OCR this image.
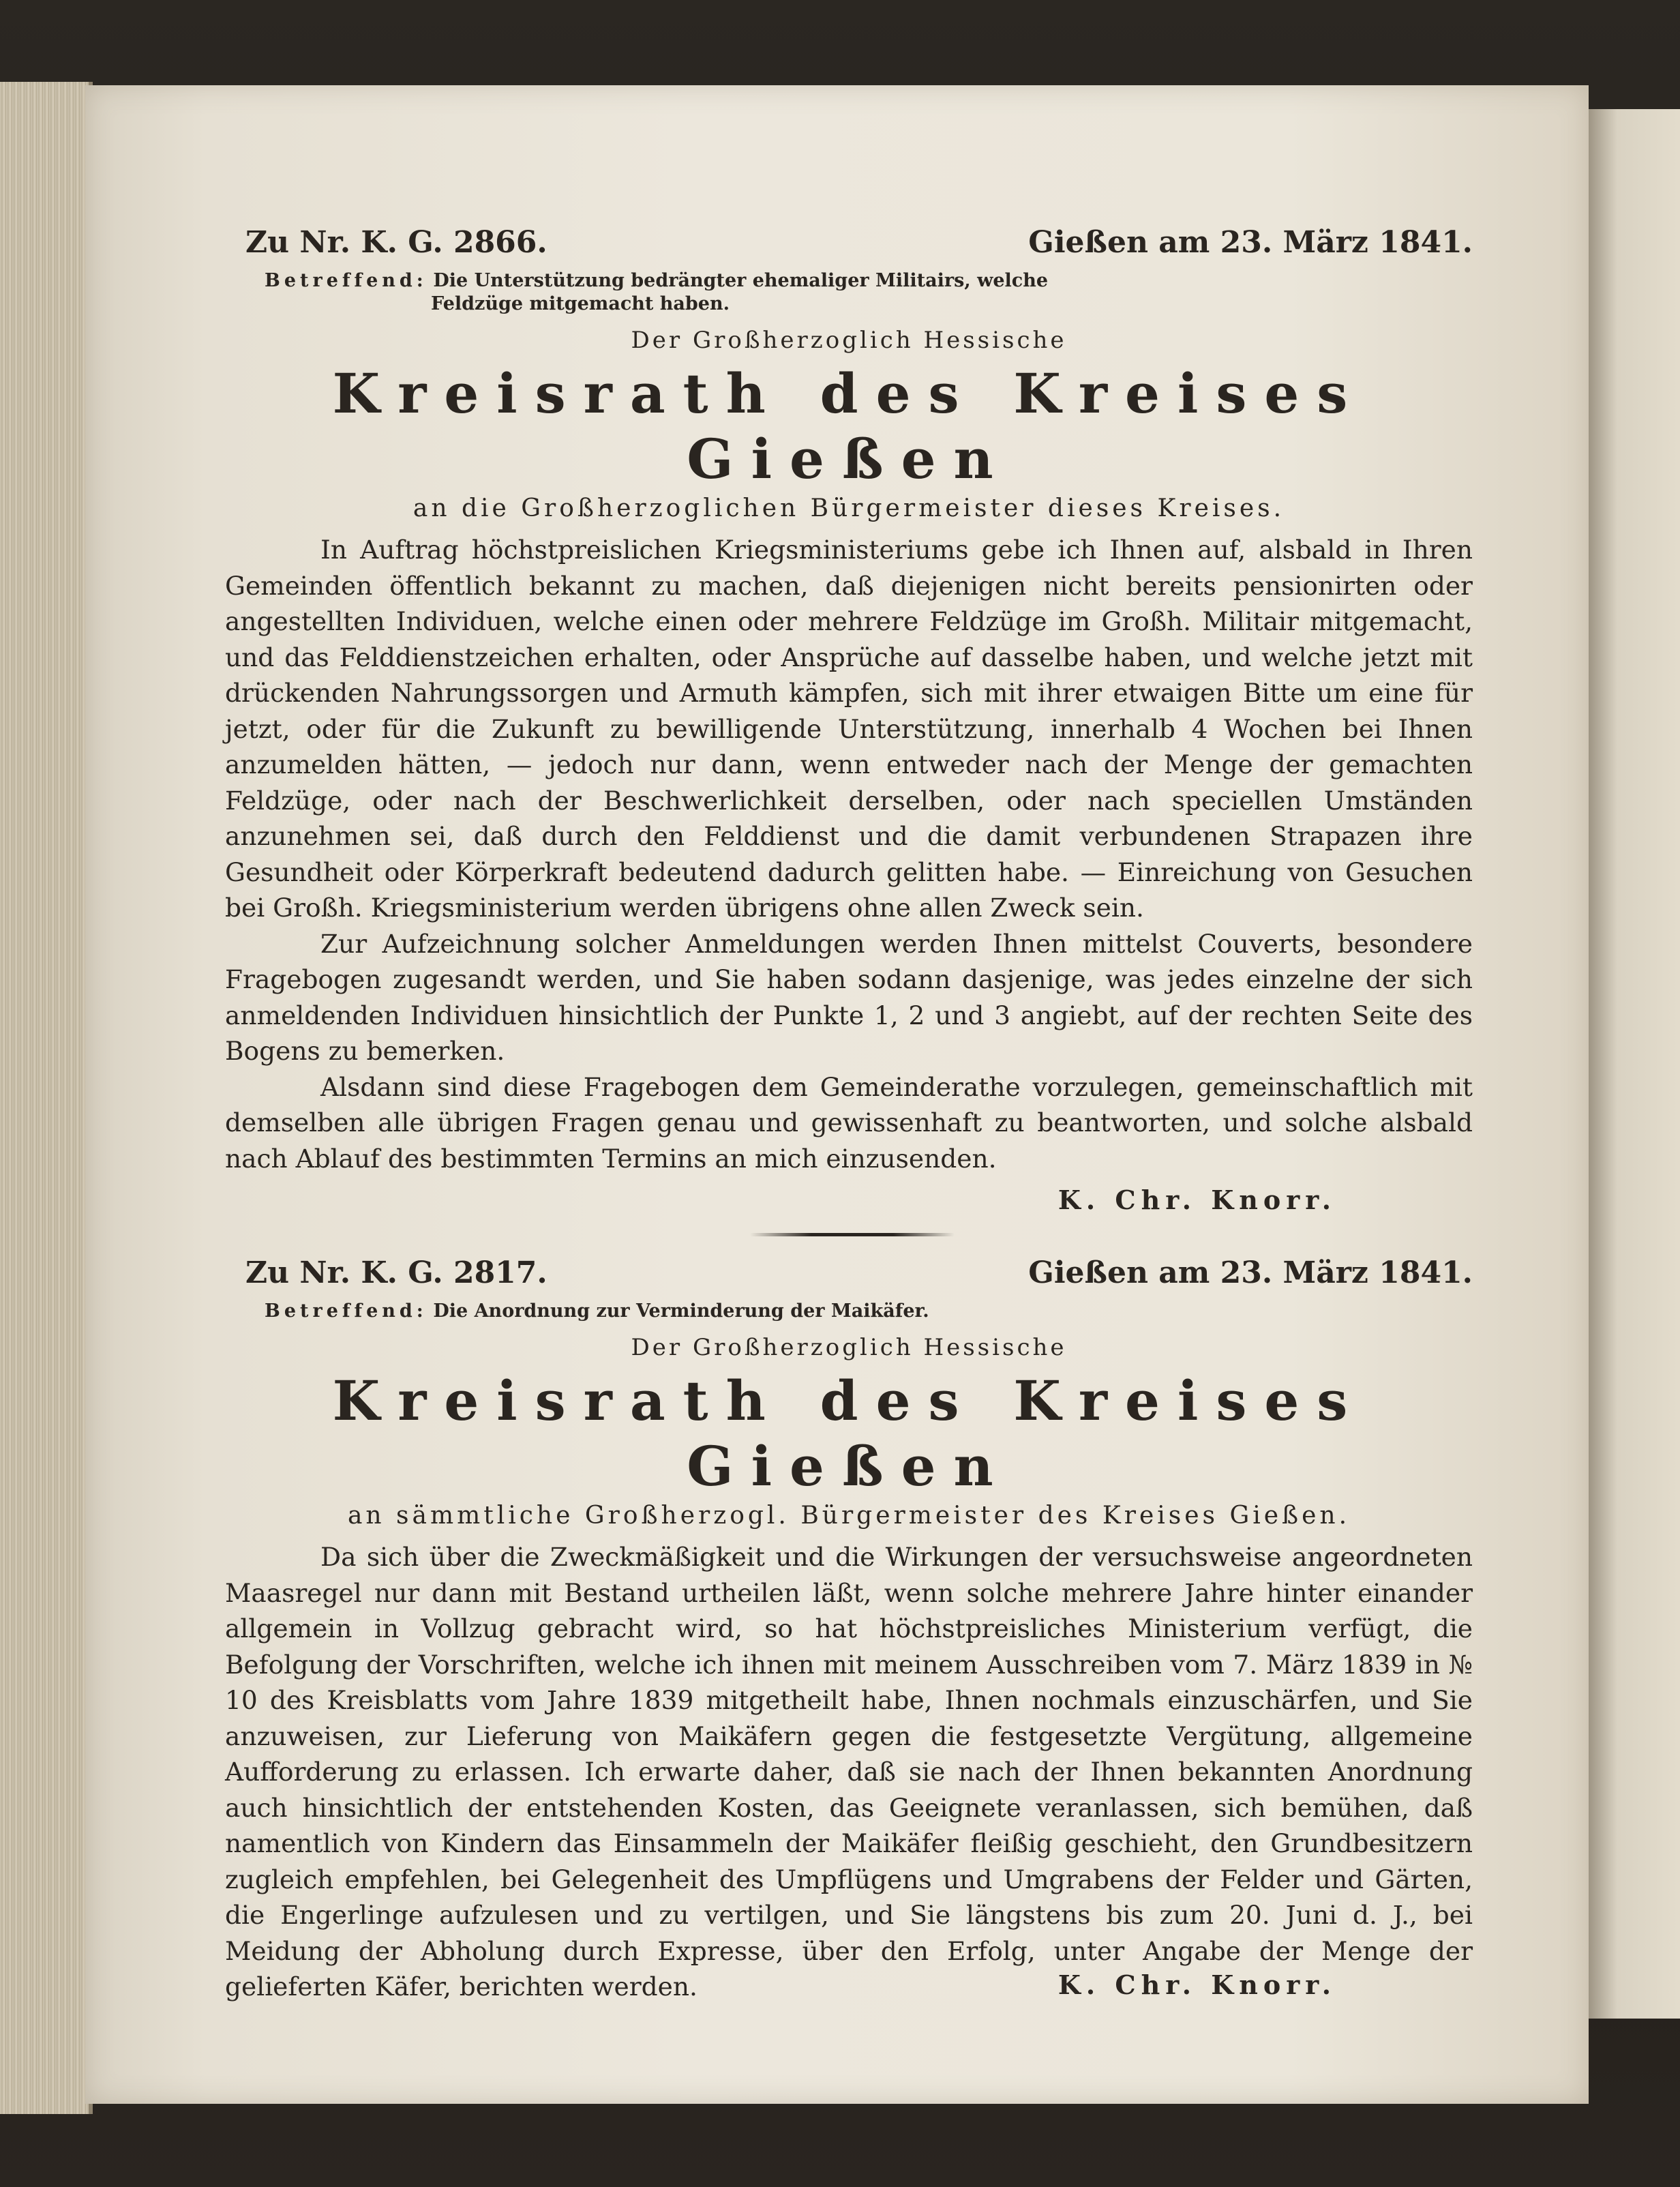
Zu Nr. K. G. 2866.	Gießen am 23. März 1841.
Betreffend: Die Unterstützung bedrängter ehemaliger Militairs, welche
Feldzüge mitgemacht haben.
Der Großherzoglich Hessische
Kreisrath des Kreises Gießen
an die Großherzoglichen Bürgermeister dieses Kreises.

In Auftrag höchstpreislichen Kriegsministeriums gebe ich Ihnen auf, alsbald in Ihren Gemeinden öffentlich bekannt zu machen, daß diejenigen nicht bereits pensionirten oder angestellten Individuen, welche einen oder mehrere Feldzüge im Großh. Militair mitgemacht, und das Felddienstzeichen erhalten, oder Ansprüche auf dasselbe haben, und welche jetzt mit drückenden Nahrungssorgen und Armuth kämpfen, sich mit ihrer etwaigen Bitte um eine für jetzt, oder für die Zukunft zu bewilligende Unterstützung, innerhalb 4 Wochen bei Ihnen anzumelden hätten, — jedoch nur dann, wenn entweder nach der Menge der gemachten Feldzüge, oder nach der Beschwerlichkeit derselben, oder nach speciellen Umständen anzunehmen sei, daß durch den Felddienst und die damit verbundenen Strapazen ihre Gesundheit oder Körperkraft bedeutend dadurch gelitten habe. — Einreichung von Gesuchen bei Großh. Kriegsministerium werden übrigens ohne allen Zweck sein.

Zur Aufzeichnung solcher Anmeldungen werden Ihnen mittelst Couverts, besondere Fragebogen zugesandt werden, und Sie haben sodann dasjenige, was jedes einzelne der sich anmeldenden Individuen hinsichtlich der Punkte 1, 2 und 3 angiebt, auf der rechten Seite des Bogens zu bemerken.

Alsdann sind diese Fragebogen dem Gemeinderathe vorzulegen, gemeinschaftlich mit demselben alle übrigen Fragen genau und gewissenhaft zu beantworten, und solche alsbald nach Ablauf des bestimmten Termins an mich einzusenden.

K. Chr. Knorr.
Zu Nr. K. G. 2817.	Gießen am 23. März 1841.
Betreffend: Die Anordnung zur Verminderung der Maikäfer.
Der Großherzoglich Hessische
Kreisrath des Kreises Gießen
an sämmtliche Großherzogl. Bürgermeister des Kreises Gießen.

Da sich über die Zweckmäßigkeit und die Wirkungen der versuchsweise angeordneten Maasregel nur dann mit Bestand urtheilen läßt, wenn solche mehrere Jahre hinter einander allgemein in Vollzug gebracht wird, so hat höchstpreisliches Ministerium verfügt, die Befolgung der Vorschriften, welche ich ihnen mit meinem Ausschreiben vom 7. März 1839 in № 10 des Kreisblatts vom Jahre 1839 mitgetheilt habe, Ihnen nochmals einzuschärfen, und Sie anzuweisen, zur Lieferung von Maikäfern gegen die festgesetzte Vergütung, allgemeine Aufforderung zu erlassen. Ich erwarte daher, daß sie nach der Ihnen bekannten Anordnung auch hinsichtlich der entstehenden Kosten, das Geeignete veranlassen, sich bemühen, daß namentlich von Kindern das Einsammeln der Maikäfer fleißig geschieht, den Grundbesitzern zugleich empfehlen, bei Gelegenheit des Umpflügens und Umgrabens der Felder und Gärten, die Engerlinge aufzulesen und zu vertilgen, und Sie längstens bis zum 20. Juni d. J., bei Meidung der Abholung durch Expresse, über den Erfolg, unter Angabe der Menge der gelieferten Käfer, berichten werden.	K. Chr. Knorr.
